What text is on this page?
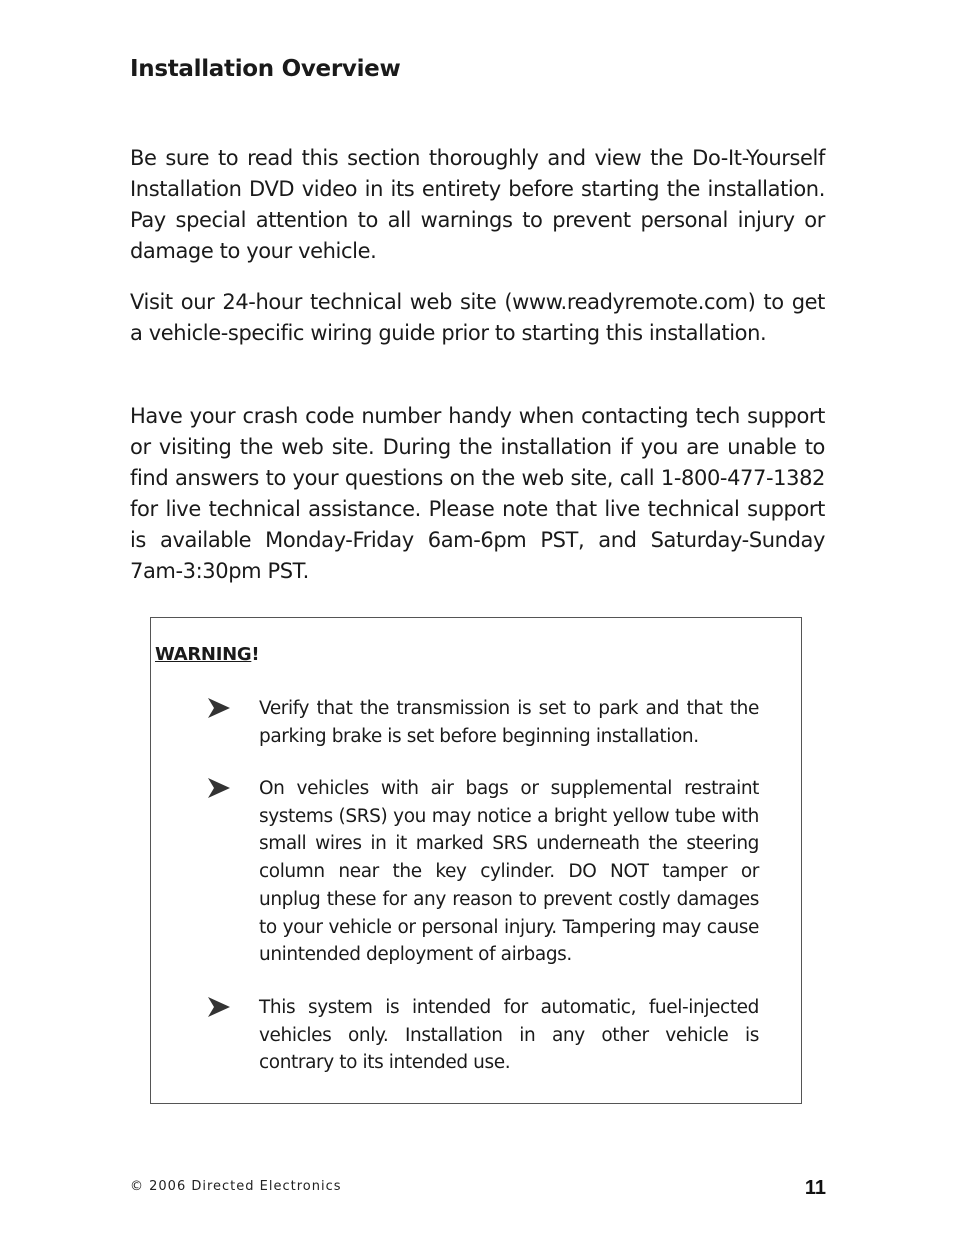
Installation Overview

Be sure to read this section thoroughly and view the Do-It-Yourself Installation DVD video in its entirety before starting the installation. Pay special attention to all warnings to prevent personal injury or damage to your vehicle.

Visit our 24-hour technical web site (www.readyremote.com) to get a vehicle-specific wiring guide prior to starting this installation.

Have your crash code number handy when contacting tech support or visiting the web site. During the installation if you are unable to find answers to your questions on the web site, call 1-800-477-1382 for live technical assistance. Please note that live technical support is available Monday-Friday 6am-6pm PST, and Saturday-Sunday 7am-3:30pm PST.

WARNING!

Verify that the transmission is set to park and that the parking brake is set before beginning installation.

On vehicles with air bags or supplemental restraint systems (SRS) you may notice a bright yellow tube with small wires in it marked SRS underneath the steering column near the key cylinder. DO NOT tamper or unplug these for any reason to prevent costly damages to your vehicle or personal injury. Tampering may cause unintended deployment of airbags.

This system is intended for automatic, fuel-injected vehicles only. Installation in any other vehicle is contrary to its intended use.

© 2006 Directed Electronics	11
